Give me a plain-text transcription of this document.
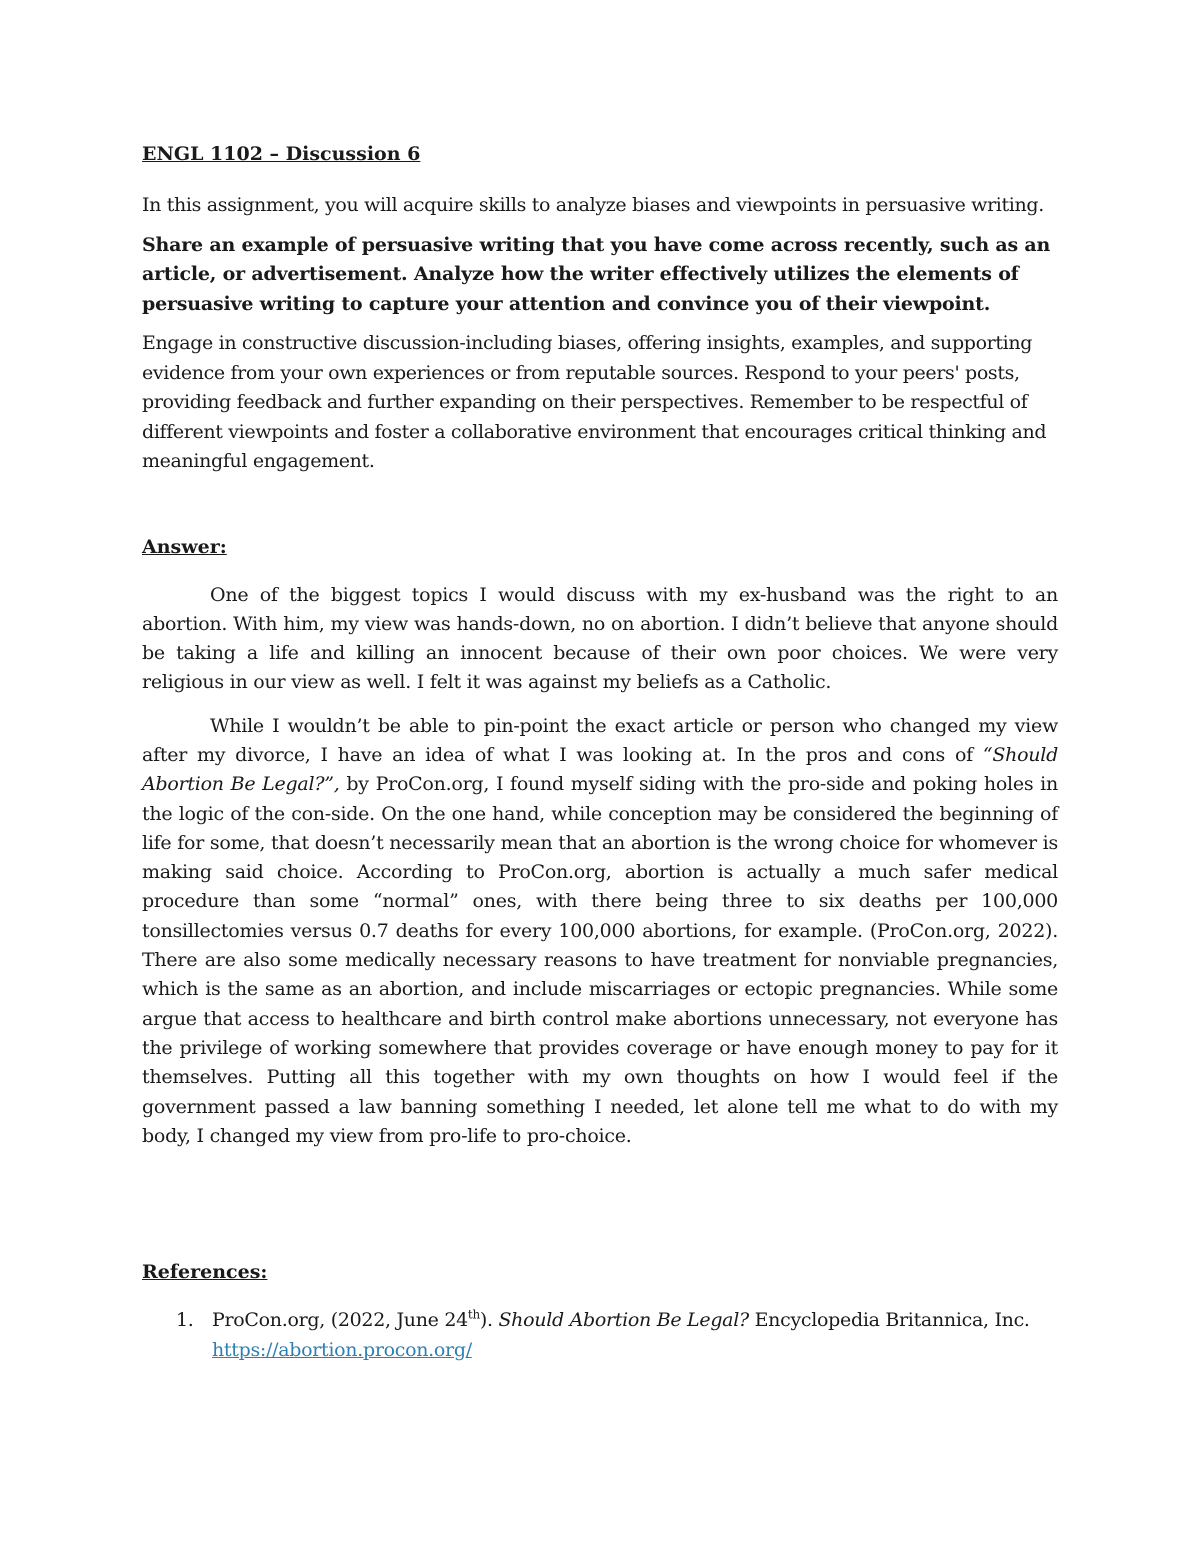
ENGL 1102 – Discussion 6

In this assignment, you will acquire skills to analyze biases and viewpoints in persuasive writing.

Share an example of persuasive writing that you have come across recently, such as an article, or advertisement. Analyze how the writer effectively utilizes the elements of persuasive writing to capture your attention and convince you of their viewpoint.

Engage in constructive discussion-including biases, offering insights, examples, and supporting evidence from your own experiences or from reputable sources. Respond to your peers' posts, providing feedback and further expanding on their perspectives. Remember to be respectful of different viewpoints and foster a collaborative environment that encourages critical thinking and meaningful engagement.

Answer:

One of the biggest topics I would discuss with my ex-husband was the right to an abortion. With him, my view was hands-down, no on abortion. I didn’t believe that anyone should be taking a life and killing an innocent because of their own poor choices. We were very religious in our view as well. I felt it was against my beliefs as a Catholic.

While I wouldn’t be able to pin-point the exact article or person who changed my view after my divorce, I have an idea of what I was looking at. In the pros and cons of “Should Abortion Be Legal?”, by ProCon.org, I found myself siding with the pro-side and poking holes in the logic of the con-side. On the one hand, while conception may be considered the beginning of life for some, that doesn’t necessarily mean that an abortion is the wrong choice for whomever is making said choice. According to ProCon.org, abortion is actually a much safer medical procedure than some “normal” ones, with there being three to six deaths per 100,000 tonsillectomies versus 0.7 deaths for every 100,000 abortions, for example. (ProCon.org, 2022). There are also some medically necessary reasons to have treatment for nonviable pregnancies, which is the same as an abortion, and include miscarriages or ectopic pregnancies. While some argue that access to healthcare and birth control make abortions unnecessary, not everyone has the privilege of working somewhere that provides coverage or have enough money to pay for it themselves. Putting all this together with my own thoughts on how I would feel if the government passed a law banning something I needed, let alone tell me what to do with my body, I changed my view from pro-life to pro-choice.

References:
1. ProCon.org, (2022, June 24th). Should Abortion Be Legal? Encyclopedia Britannica, Inc.
https://abortion.procon.org/
